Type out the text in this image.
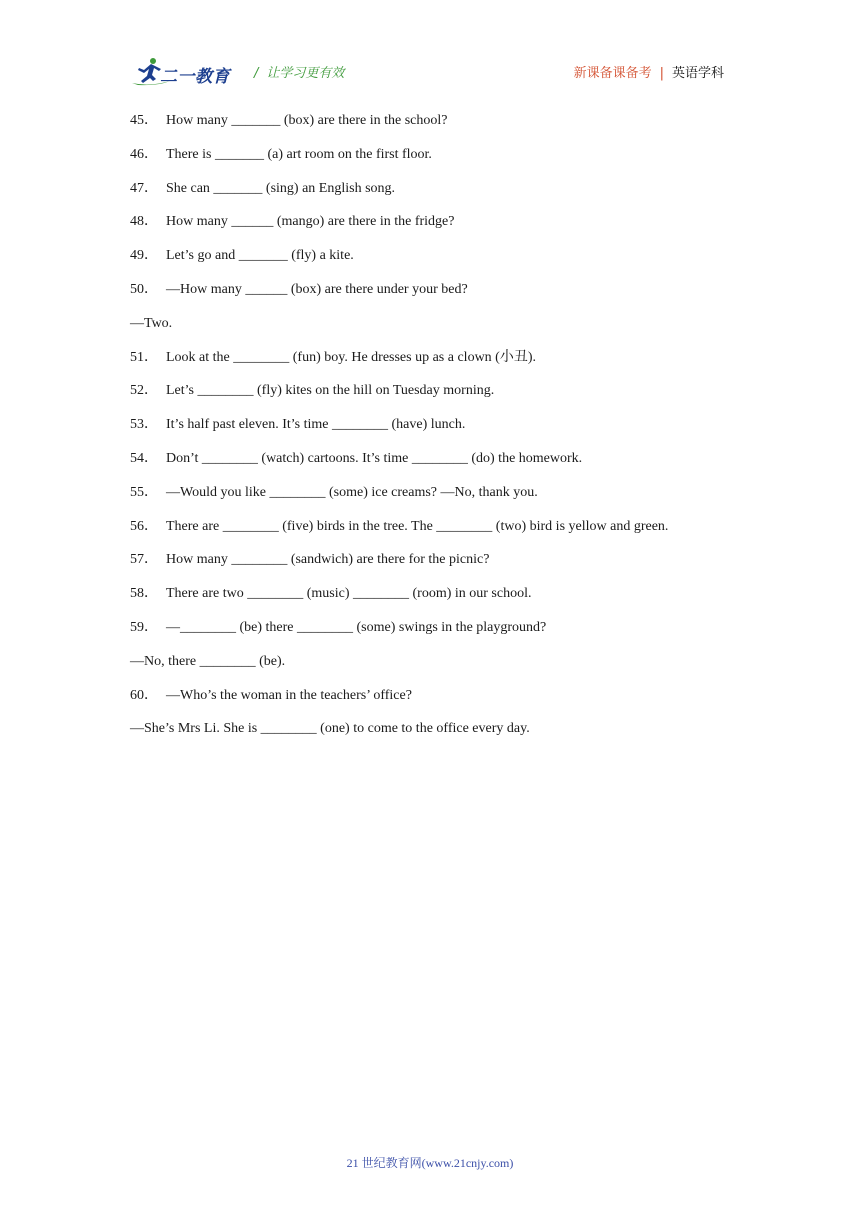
二一教育 / 让学习更有效	新课备课备考 | 英语学科
45． How many _______ (box) are there in the school?
46． There is _______ (a) art room on the first floor.
47． She can _______ (sing) an English song.
48． How many ______ (mango) are there in the fridge?
49． Let’s go and _______ (fly) a kite.
50． —How many ______ (box) are there under your bed?
—Two.
51． Look at the ________ (fun) boy. He dresses up as a clown (小丑).
52． Let’s ________ (fly) kites on the hill on Tuesday morning.
53． It’s half past eleven. It’s time ________ (have) lunch.
54． Don’t ________ (watch) cartoons. It’s time ________ (do) the homework.
55． —Would you like ________ (some) ice creams? —No, thank you.
56． There are ________ (five) birds in the tree. The ________ (two) bird is yellow and green.
57． How many ________ (sandwich) are there for the picnic?
58． There are two ________ (music) ________ (room) in our school.
59． —________ (be) there ________ (some) swings in the playground?
—No, there ________ (be).
60． —Who’s the woman in the teachers’ office?
—She’s Mrs Li. She is ________ (one) to come to the office every day.
21 世纪教育网(www.21cnjy.com)
